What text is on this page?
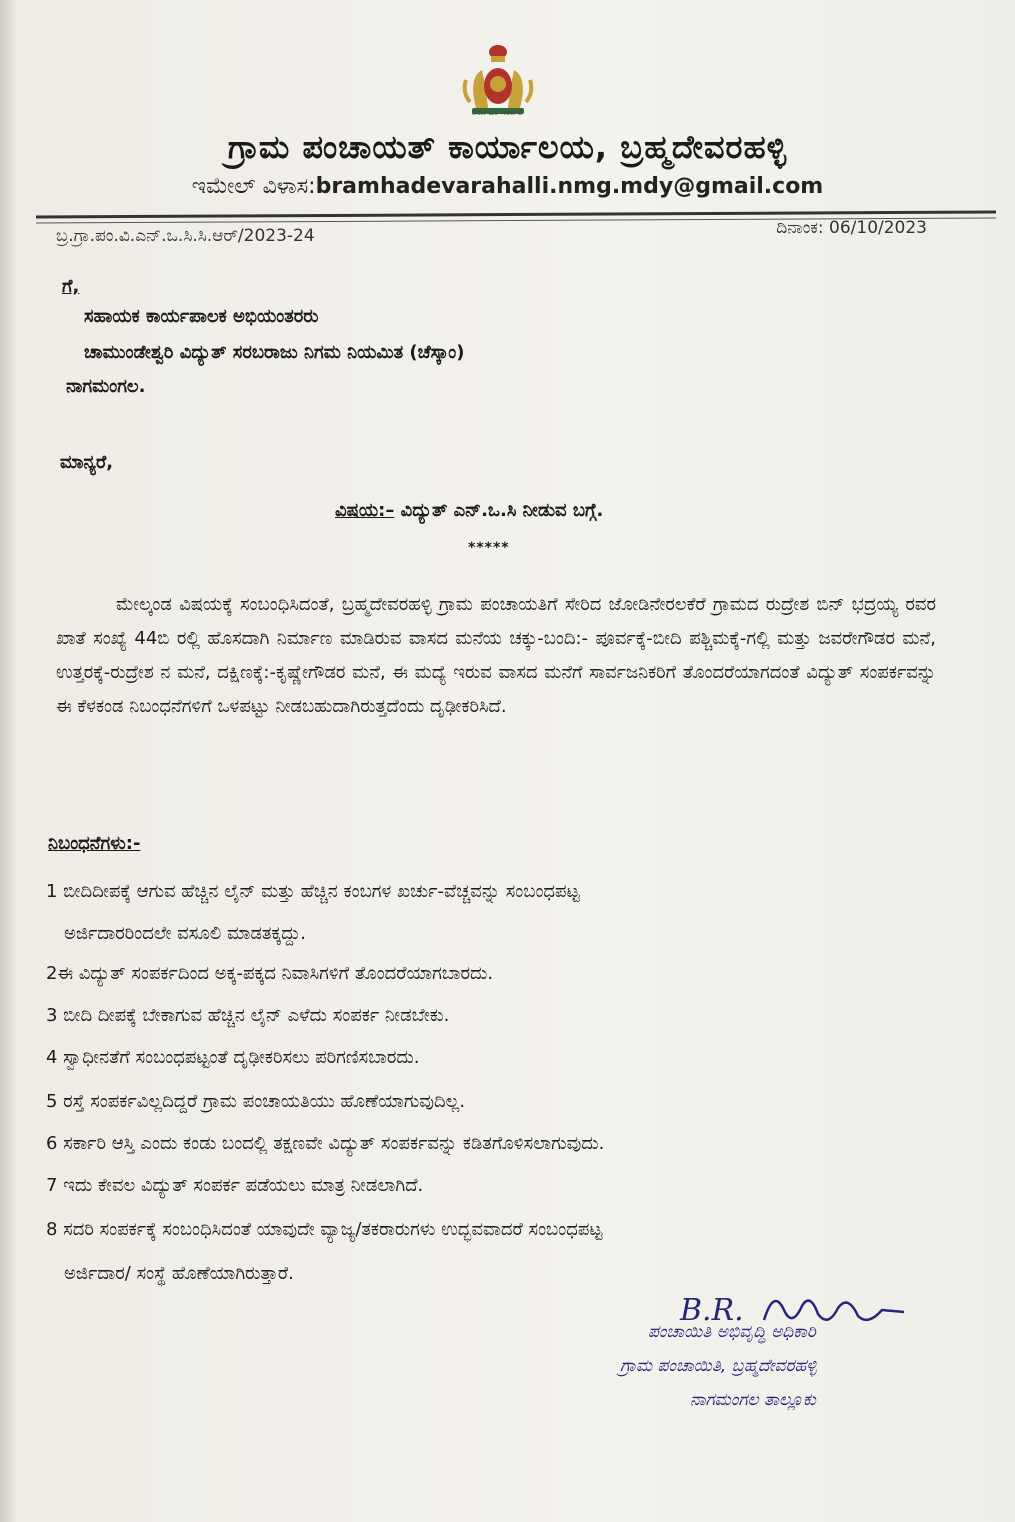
ಕರ್ನಾಟಕ ಸರ್ಕಾರ
ಗ್ರಾಮ ಪಂಚಾಯತ್ ಕಾರ್ಯಾಲಯ, ಬ್ರಹ್ಮದೇವರಹಳ್ಳಿ
ಇಮೇಲ್ ವಿಳಾಸ:bramhadevarahalli.nmg.mdy@gmail.com
ಬ್ರ.ಗ್ರಾ.ಪಂ.ವಿ.ಎನ್.ಒ.ಸಿ.ಸಿ.ಆರ್/2023-24	ದಿನಾಂಕ: 06/10/2023
ಗೆ,
ಸಹಾಯಕ ಕಾರ್ಯಪಾಲಕ ಅಭಿಯಂತರರು
ಚಾಮುಂಡೇಶ್ವರಿ ವಿದ್ಯುತ್ ಸರಬರಾಜು ನಿಗಮ ನಿಯಮಿತ (ಚೆಸ್ಕಾಂ)
ನಾಗಮಂಗಲ.
ಮಾನ್ಯರೆ,
ವಿಷಯ:– ವಿದ್ಯುತ್ ಎನ್.ಒ.ಸಿ ನೀಡುವ ಬಗ್ಗೆ.
*****
ಮೇಲ್ಕಂಡ ವಿಷಯಕ್ಕೆ ಸಂಬಂಧಿಸಿದಂತೆ, ಬ್ರಹ್ಮದೇವರಹಳ್ಳಿ ಗ್ರಾಮ ಪಂಚಾಯತಿಗೆ ಸೇರಿದ ಜೋಡಿನೇರಲಕೆರೆ ಗ್ರಾಮದ ರುದ್ರೇಶ ಬಿನ್ ಭದ್ರಯ್ಯ ರವರ ಖಾತೆ ಸಂಖ್ಯೆ 44ಬಿ ರಲ್ಲಿ ಹೊಸದಾಗಿ ನಿರ್ಮಾಣ ಮಾಡಿರುವ ವಾಸದ ಮನೆಯ ಚಕ್ಕು-ಬಂದಿ:- ಪೂರ್ವಕ್ಕೆ-ಬೀದಿ ಪಶ್ಚಿಮಕ್ಕೆ-ಗಲ್ಲಿ ಮತ್ತು ಜವರೇಗೌಡರ ಮನೆ, ಉತ್ತರಕ್ಕೆ-ರುದ್ರೇಶ ನ ಮನೆ, ದಕ್ಷಿಣಕ್ಕೆ:-ಕೃಷ್ಣೇಗೌಡರ ಮನೆ, ಈ ಮದ್ಯೆ ಇರುವ ವಾಸದ ಮನೆಗೆ ಸಾರ್ವಜನಿಕರಿಗೆ ತೊಂದರೆಯಾಗದಂತೆ ವಿದ್ಯುತ್ ಸಂಪರ್ಕವನ್ನು ಈ ಕೆಳಕಂಡ ನಿಬಂಧನೆಗಳಿಗೆ ಒಳಪಟ್ಟು ನೀಡಬಹುದಾಗಿರುತ್ತದೆಂದು ದೃಢೀಕರಿಸಿದೆ.
ನಿಬಂಧನೆಗಳು:-
1 ಬೀದಿದೀಪಕ್ಕೆ ಆಗುವ ಹೆಚ್ಚಿನ ಲೈನ್ ಮತ್ತು ಹೆಚ್ಚಿನ ಕಂಬಗಳ ಖರ್ಚು-ವೆಚ್ಚವನ್ನು ಸಂಬಂಧಪಟ್ಟ
ಅರ್ಜಿದಾರರಿಂದಲೇ ವಸೂಲಿ ಮಾಡತಕ್ಕದ್ದು.
2ಈ ವಿದ್ಯುತ್ ಸಂಪರ್ಕದಿಂದ ಅಕ್ಕ-ಪಕ್ಕದ ನಿವಾಸಿಗಳಿಗೆ ತೊಂದರೆಯಾಗಬಾರದು.
3 ಬೀದಿ ದೀಪಕ್ಕೆ ಬೇಕಾಗುವ ಹೆಚ್ಚಿನ ಲೈನ್ ಎಳೆದು ಸಂಪರ್ಕ ನೀಡಬೇಕು.
4 ಸ್ವಾಧೀನತೆಗೆ ಸಂಬಂಧಪಟ್ಟಂತೆ ದೃಢೀಕರಿಸಲು ಪರಿಗಣಿಸಬಾರದು.
5 ರಸ್ತೆ ಸಂಪರ್ಕವಿಲ್ಲದಿದ್ದರೆ ಗ್ರಾಮ ಪಂಚಾಯತಿಯು ಹೊಣೆಯಾಗುವುದಿಲ್ಲ.
6 ಸರ್ಕಾರಿ ಆಸ್ತಿ ಎಂದು ಕಂಡು ಬಂದಲ್ಲಿ ತಕ್ಷಣವೇ ವಿದ್ಯುತ್ ಸಂಪರ್ಕವನ್ನು ಕಡಿತಗೊಳಿಸಲಾಗುವುದು.
7 ಇದು ಕೇವಲ ವಿದ್ಯುತ್ ಸಂಪರ್ಕ ಪಡೆಯಲು ಮಾತ್ರ ನೀಡಲಾಗಿದೆ.
8 ಸದರಿ ಸಂಪರ್ಕಕ್ಕೆ ಸಂಬಂಧಿಸಿದಂತೆ ಯಾವುದೇ ವ್ಯಾಜ್ಯ/ತಕರಾರುಗಳು ಉದ್ಭವವಾದರೆ ಸಂಬಂಧಪಟ್ಟ
ಅರ್ಜಿದಾರ/ ಸಂಸ್ಥೆ ಹೊಣೆಯಾಗಿರುತ್ತಾರೆ.
B.R.
ಪಂಚಾಯಿತಿ ಅಭಿವೃದ್ಧಿ ಅಧಿಕಾರಿ
ಗ್ರಾಮ ಪಂಚಾಯಿತಿ, ಬ್ರಹ್ಮದೇವರಹಳ್ಳಿ
ನಾಗಮಂಗಲ ತಾಲ್ಲೂಕು
